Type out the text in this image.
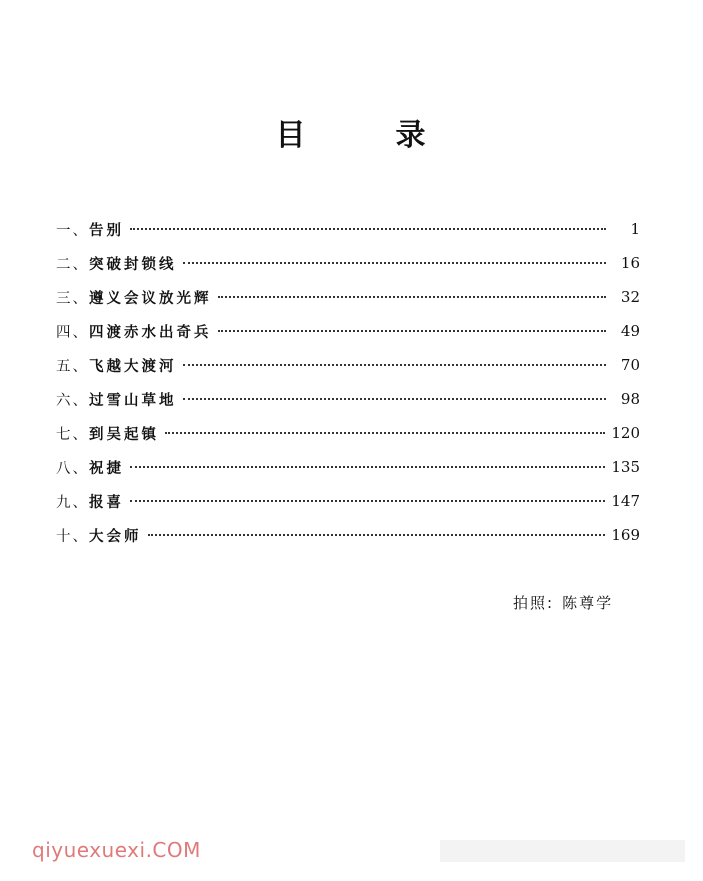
目	录
一、 告别	1
二、 突破封锁线	16
三、 遵义会议放光辉	32
四、 四渡赤水出奇兵	49
五、 飞越大渡河	70
六、 过雪山草地	98
七、 到吴起镇	120
八、 祝捷	135
九、 报喜	147
十、 大会师	169
拍照: 陈尊学
qiyuexuexi.COM
